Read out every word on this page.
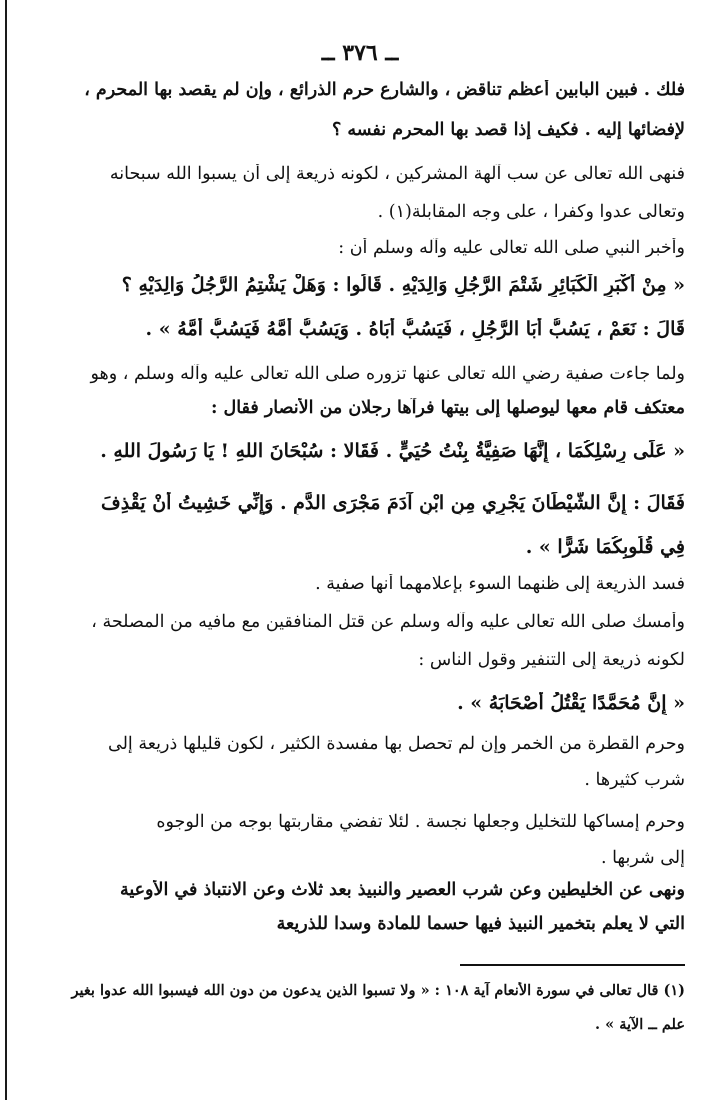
ــ ٣٧٦ ــ
فلك . فبين البابين أعظم تناقض ، والشارع حرم الذرائع ، وإن لم يقصد بها المحرم ،
لإفضائها إليه . فكيف إذا قصد بها المحرم نفسه ؟
فنهى الله تعالى عن سب آلهة المشركين ، لكونه ذريعة إلى أن يسبوا الله سبحانه
وتعالى عدوا وكفرا ، على وجه المقابلة(١) .
وأخبر النبي صلى الله تعالى عليه وآله وسلم أن :
« مِنْ أَكْبَرِ الْكَبَائِرِ شَتْمَ الرَّجُلِ وَالِدَيْهِ . قَالُوا : وَهَلْ يَشْتِمُ الرَّجُلُ وَالِدَيْهِ ؟
قَالَ : نَعَمْ ، يَسُبُّ أَبَا الرَّجُلِ ، فَيَسُبُّ أَبَاهُ . وَيَسُبُّ أُمَّهُ فَيَسُبُّ أُمَّهُ » .
ولما جاءت صفية رضي الله تعالى عنها تزوره صلى الله تعالى عليه وآله وسلم ، وهو
معتكف قام معها ليوصلها إلى بيتها فرآها رجلان من الأنصار فقال :
« عَلَى رِسْلِكُمَا ، إِنَّهَا صَفِيَّةُ بِنْتُ حُيَيٍّ . فَقَالا : سُبْحَانَ اللهِ ! يَا رَسُولَ اللهِ .
فَقَالَ : إِنَّ الشَّيْطَانَ يَجْرِي مِنِ ابْنِ آدَمَ مَجْرَى الدَّمِ . وَإِنِّي خَشِيتُ أَنْ يَقْذِفَ
فِي قُلُوبِكُمَا شَرًّا » .
فسد الذريعة إلى ظنهما السوء بإعلامهما أنها صفية .
وأمسك صلى الله تعالى عليه وآله وسلم عن قتل المنافقين مع مافيه من المصلحة ،
لكونه ذريعة إلى التنفير وقول الناس :
« إِنَّ مُحَمَّدًا يَقْتُلُ أَصْحَابَهُ » .
وحرم القطرة من الخمر وإن لم تحصل بها مفسدة الكثير ، لكون قليلها ذريعة إلى
شرب كثيرها .
وحرم إمساكها للتخليل وجعلها نجسة . لئلا تفضي مقاربتها بوجه من الوجوه
إلى شربها .
ونهى عن الخليطين وعن شرب العصير والنبيذ بعد ثلاث وعن الانتباذ في الأوعية
التي لا يعلم بتخمير النبيذ فيها حسما للمادة وسدا للذريعة
(١) قال تعالى في سورة الأنعام آية ١٠٨ : « ولا تسبوا الذين يدعون من دون الله فيسبوا الله عدوا بغير
علم ــ الآية » .
